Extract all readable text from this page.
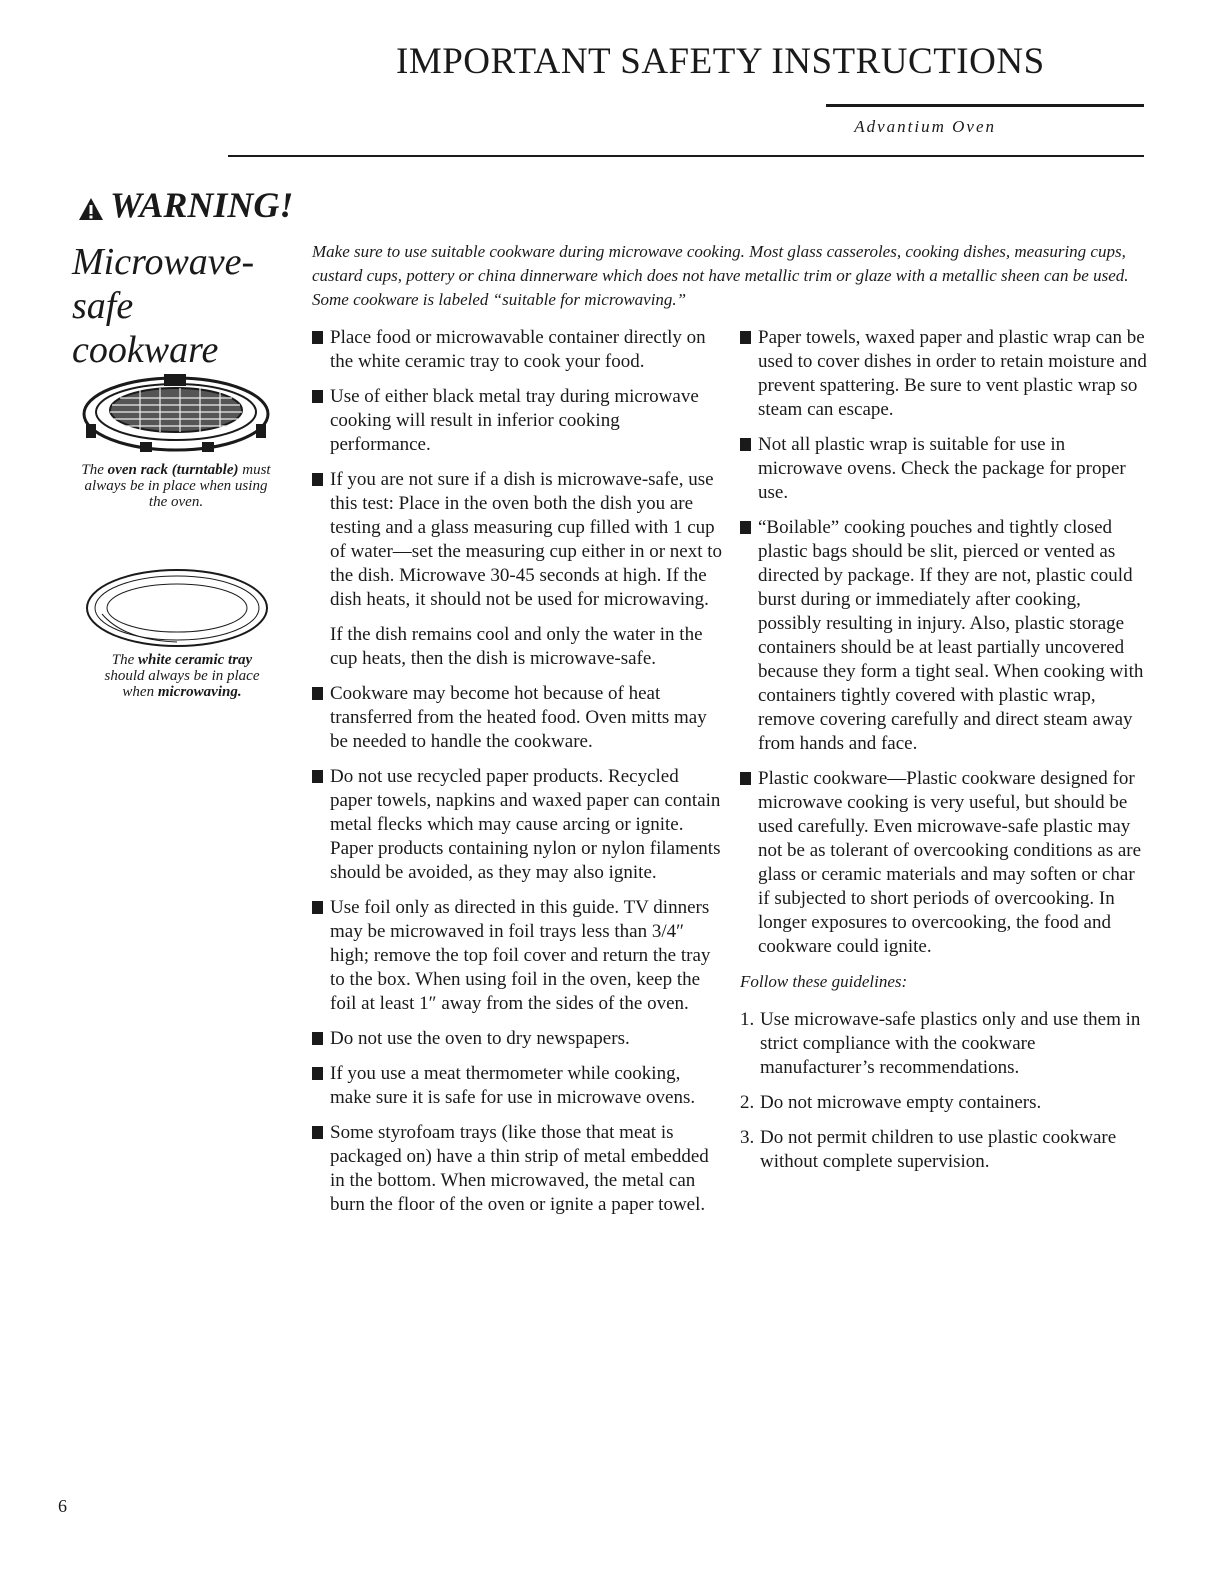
IMPORTANT SAFETY INSTRUCTIONS
Advantium Oven
WARNING!
Microwave-safe cookware
The oven rack (turntable) must always be in place when using the oven.
The white ceramic tray should always be in place when microwaving.
Make sure to use suitable cookware during microwave cooking. Most glass casseroles, cooking dishes, measuring cups, custard cups, pottery or china dinnerware which does not have metallic trim or glaze with a metallic sheen can be used. Some cookware is labeled “suitable for microwaving.”
Place food or microwavable container directly on the white ceramic tray to cook your food.
Use of either black metal tray during microwave cooking will result in inferior cooking performance.
If you are not sure if a dish is microwave-safe, use this test: Place in the oven both the dish you are testing and a glass measuring cup filled with 1 cup of water—set the measuring cup either in or next to the dish. Microwave 30-45 seconds at high. If the dish heats, it should not be used for microwaving.
If the dish remains cool and only the water in the cup heats, then the dish is microwave-safe.
Cookware may become hot because of heat transferred from the heated food. Oven mitts may be needed to handle the cookware.
Do not use recycled paper products. Recycled paper towels, napkins and waxed paper can contain metal flecks which may cause arcing or ignite. Paper products containing nylon or nylon filaments should be avoided, as they may also ignite.
Use foil only as directed in this guide. TV dinners may be microwaved in foil trays less than 3/4″ high; remove the top foil cover and return the tray to the box. When using foil in the oven, keep the foil at least 1″ away from the sides of the oven.
Do not use the oven to dry newspapers.
If you use a meat thermometer while cooking, make sure it is safe for use in microwave ovens.
Some styrofoam trays (like those that meat is packaged on) have a thin strip of metal embedded in the bottom. When microwaved, the metal can burn the floor of the oven or ignite a paper towel.
Paper towels, waxed paper and plastic wrap can be used to cover dishes in order to retain moisture and prevent spattering. Be sure to vent plastic wrap so steam can escape.
Not all plastic wrap is suitable for use in microwave ovens. Check the package for proper use.
“Boilable” cooking pouches and tightly closed plastic bags should be slit, pierced or vented as directed by package. If they are not, plastic could burst during or immediately after cooking, possibly resulting in injury. Also, plastic storage containers should be at least partially uncovered because they form a tight seal. When cooking with containers tightly covered with plastic wrap, remove covering carefully and direct steam away from hands and face.
Plastic cookware—Plastic cookware designed for microwave cooking is very useful, but should be used carefully. Even microwave-safe plastic may not be as tolerant of overcooking conditions as are glass or ceramic materials and may soften or char if subjected to short periods of overcooking. In longer exposures to overcooking, the food and cookware could ignite.
Follow these guidelines:
1. Use microwave-safe plastics only and use them in strict compliance with the cookware manufacturer’s recommendations.
2. Do not microwave empty containers.
3. Do not permit children to use plastic cookware without complete supervision.
6
